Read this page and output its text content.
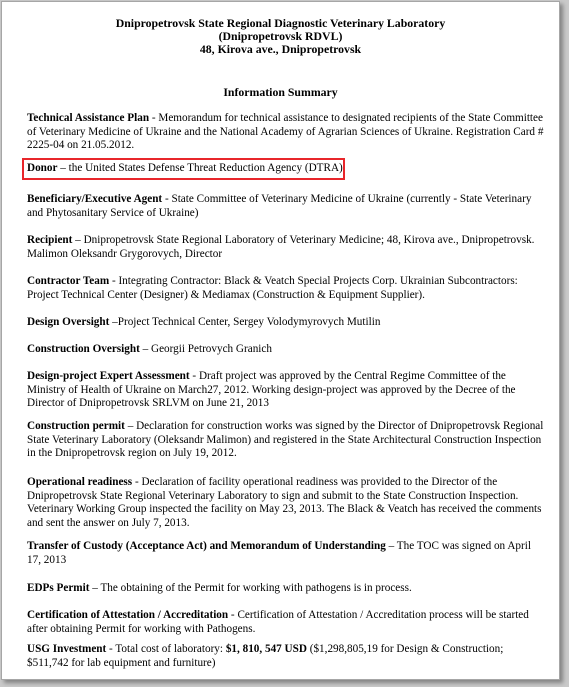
Dnipropetrovsk State Regional Diagnostic Veterinary Laboratory
(Dnipropetrovsk RDVL)
48, Kirova ave., Dnipropetrovsk
Information Summary

Technical Assistance Plan - Memorandum for technical assistance to designated recipients of the State Committee of Veterinary Medicine of Ukraine and the National Academy of Agrarian Sciences of Ukraine. Registration Card # 2225-04 on 21.05.2012.

Donor – the United States Defense Threat Reduction Agency (DTRA)

Beneficiary/Executive Agent - State Committee of Veterinary Medicine of Ukraine (currently - State Veterinary and Phytosanitary Service of Ukraine)

Recipient – Dnipropetrovsk State Regional Laboratory of Veterinary Medicine; 48, Kirova ave., Dnipropetrovsk. Malimon Oleksandr Grygorovych, Director

Contractor Team - Integrating Contractor: Black & Veatch Special Projects Corp. Ukrainian Subcontractors: Project Technical Center (Designer) & Mediamax (Construction & Equipment Supplier).

Design Oversight –Project Technical Center, Sergey Volodymyrovych Mutilin

Construction Oversight – Georgii Petrovych Granich

Design-project Expert Assessment - Draft project was approved by the Central Regime Committee of the Ministry of Health of Ukraine on March27, 2012. Working design-project was approved by the Decree of the Director of Dnipropetrovsk SRLVM on June 21, 2013

Construction permit – Declaration for construction works was signed by the Director of Dnipropetrovsk Regional State Veterinary Laboratory (Oleksandr Malimon) and registered in the State Architectural Construction Inspection in the Dnipropetrovsk region on July 19, 2012.

Operational readiness - Declaration of facility operational readiness was provided to the Director of the Dnipropetrovsk State Regional Veterinary Laboratory to sign and submit to the State Construction Inspection. Veterinary Working Group inspected the facility on May 23, 2013. The Black & Veatch has received the comments and sent the answer on July 7, 2013.

Transfer of Custody (Acceptance Act) and Memorandum of Understanding – The TOC was signed on April 17, 2013

EDPs Permit – The obtaining of the Permit for working with pathogens is in process.

Certification of Attestation / Accreditation - Certification of Attestation / Accreditation process will be started after obtaining Permit for working with Pathogens.

USG Investment - Total cost of laboratory: $1, 810, 547 USD ($1,298,805,19 for Design & Construction; $511,742 for lab equipment and furniture)
